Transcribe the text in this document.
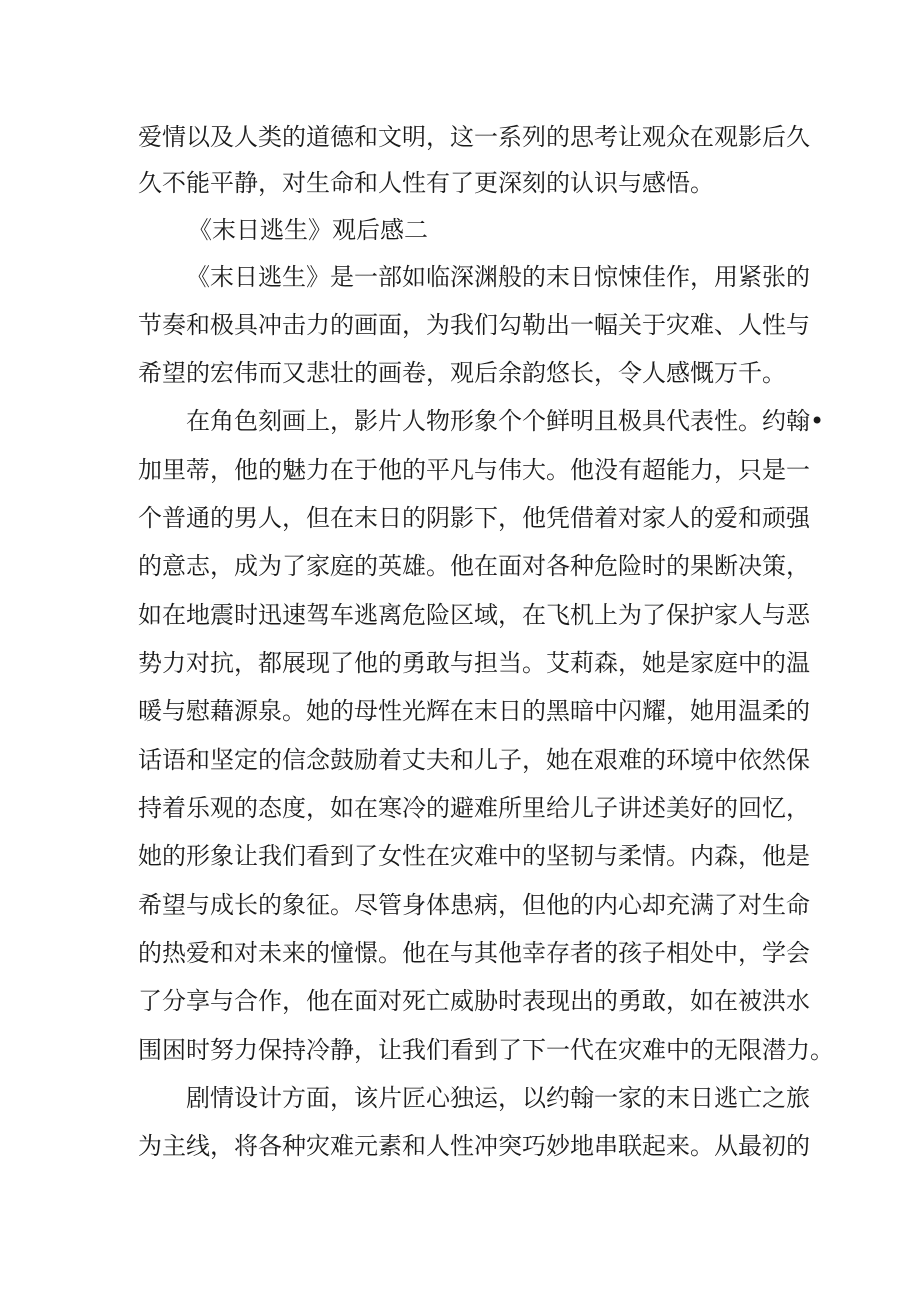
爱情以及人类的道德和文明，这一系列的思考让观众在观影后久
久不能平静，对生命和人性有了更深刻的认识与感悟。
《末日逃生》观后感二
《末日逃生》是一部如临深渊般的末日惊悚佳作，用紧张的
节奏和极具冲击力的画面，为我们勾勒出一幅关于灾难、人性与
希望的宏伟而又悲壮的画卷，观后余韵悠长，令人感慨万千。
在角色刻画上，影片人物形象个个鲜明且极具代表性。约翰•
加里蒂，他的魅力在于他的平凡与伟大。他没有超能力，只是一
个普通的男人，但在末日的阴影下，他凭借着对家人的爱和顽强
的意志，成为了家庭的英雄。他在面对各种危险时的果断决策，
如在地震时迅速驾车逃离危险区域，在飞机上为了保护家人与恶
势力对抗，都展现了他的勇敢与担当。艾莉森，她是家庭中的温
暖与慰藉源泉。她的母性光辉在末日的黑暗中闪耀，她用温柔的
话语和坚定的信念鼓励着丈夫和儿子，她在艰难的环境中依然保
持着乐观的态度，如在寒冷的避难所里给儿子讲述美好的回忆，
她的形象让我们看到了女性在灾难中的坚韧与柔情。内森，他是
希望与成长的象征。尽管身体患病，但他的内心却充满了对生命
的热爱和对未来的憧憬。他在与其他幸存者的孩子相处中，学会
了分享与合作，他在面对死亡威胁时表现出的勇敢，如在被洪水
围困时努力保持冷静，让我们看到了下一代在灾难中的无限潜力。
剧情设计方面，该片匠心独运，以约翰一家的末日逃亡之旅
为主线，将各种灾难元素和人性冲突巧妙地串联起来。从最初的
